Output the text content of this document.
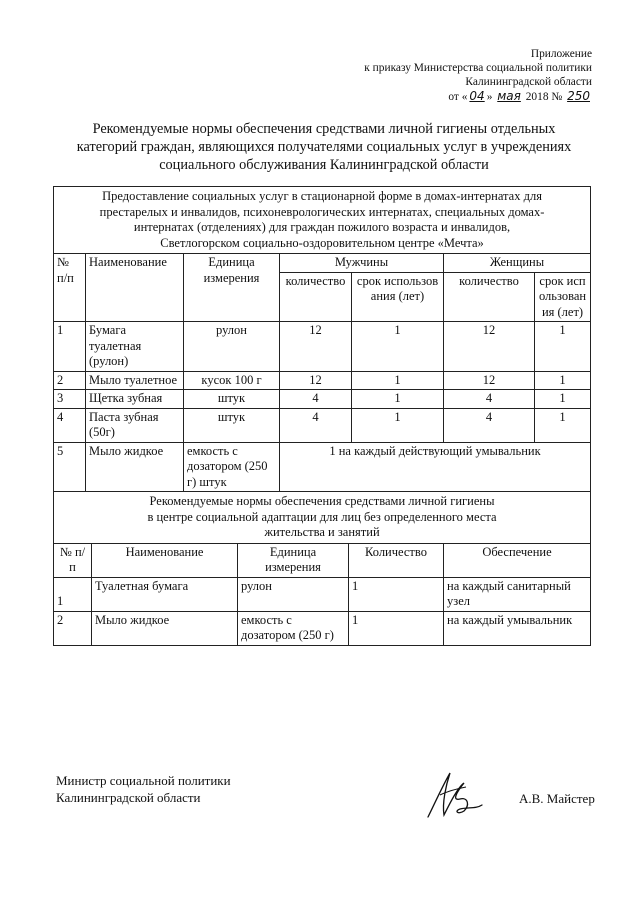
Приложение
к приказу Министерства социальной политики
Калининградской области
от « 04 » мая 2018 № 250
Рекомендуемые нормы обеспечения средствами личной гигиены отдельных
категорий граждан, являющихся получателями социальных услуг в учреждениях
социального обслуживания Калининградской области
Предоставление социальных услуг в стационарной форме в домах-интернатах для
престарелых и инвалидов, психоневрологических интернатах, специальных домах-
интернатах (отделениях) для граждан пожилого возраста и инвалидов,
Светлогорском социально-оздоровительном центре «Мечта»						

№ п/п	Наименование	Единица измерения	Мужчины		Женщины	
			количество	срок использования (лет)	количество	срок использования (лет)
1	Бумага туалетная (рулон)	рулон	12	1	12	1
2	Мыло туалетное	кусок 100 г	12	1	12	1
3	Щетка зубная	штук	4	1	4	1
4	Паста зубная (50г)	штук	4	1	4	1
5	Мыло жидкое	емкость с дозатором (250 г) штук	1 на каждый действующий умывальник			
Рекомендуемые нормы обеспечения средствами личной гигиены
в центре социальной адаптации для лиц без определенного места
жительства и занятий				

№ п/п	Наименование	Единица измерения	Количество	Обеспечение
1	Туалетная бумага	рулон	1	на каждый санитарный узел
2	Мыло жидкое	емкость с дозатором (250 г)	1	на каждый умывальник
Министр социальной политики
Калининградской области	А.В. Майстер
